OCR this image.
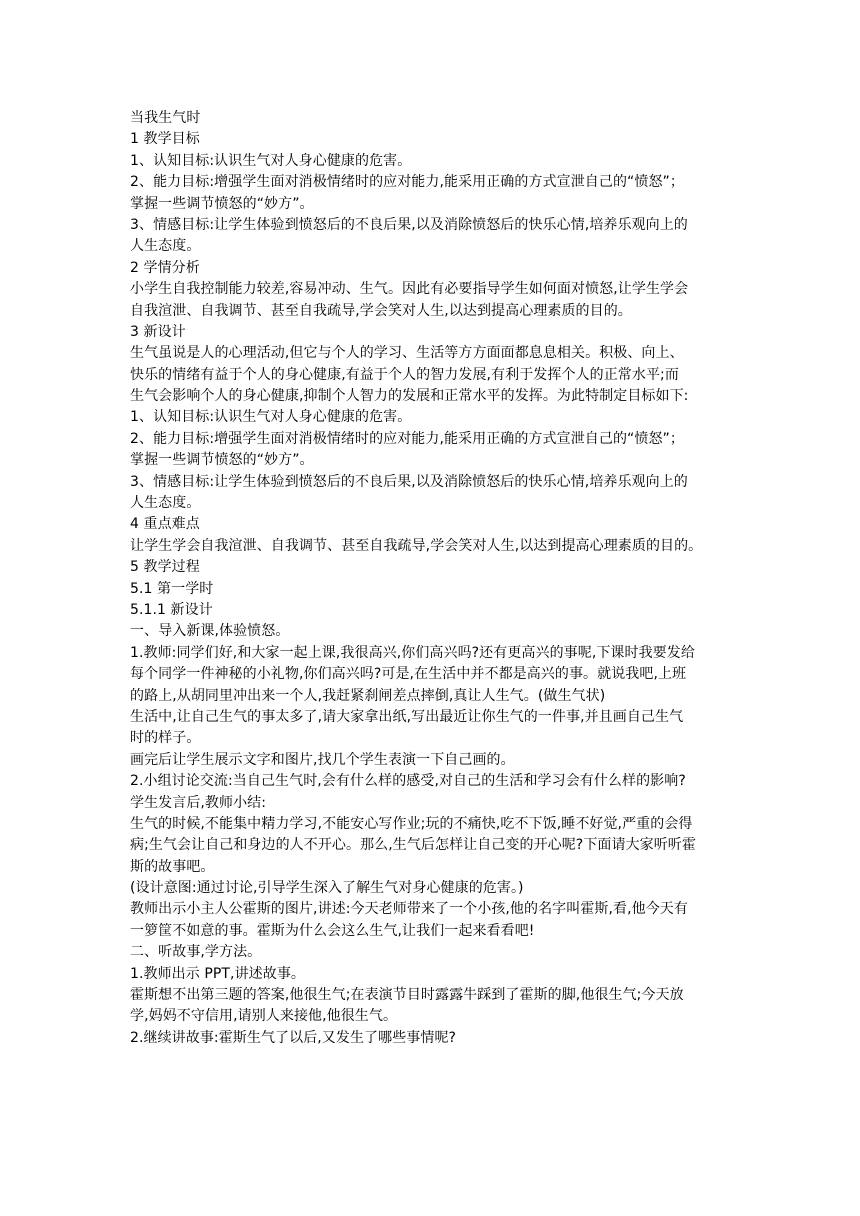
当我生气时
1 教学目标
1、认知目标:认识生气对人身心健康的危害。
2、能力目标:增强学生面对消极情绪时的应对能力,能采用正确的方式宣泄自己的“愤怒”；
掌握一些调节愤怒的“妙方”。
3、情感目标:让学生体验到愤怒后的不良后果,以及消除愤怒后的快乐心情,培养乐观向上的
人生态度。
2 学情分析
小学生自我控制能力较差,容易冲动、生气。因此有必要指导学生如何面对愤怒,让学生学会
自我渲泄、自我调节、甚至自我疏导,学会笑对人生,以达到提高心理素质的目的。
3 新设计
生气虽说是人的心理活动,但它与个人的学习、生活等方方面面都息息相关。积极、向上、
快乐的情绪有益于个人的身心健康,有益于个人的智力发展,有利于发挥个人的正常水平;而
生气会影响个人的身心健康,抑制个人智力的发展和正常水平的发挥。为此特制定目标如下:
1、认知目标:认识生气对人身心健康的危害。
2、能力目标:增强学生面对消极情绪时的应对能力,能采用正确的方式宣泄自己的“愤怒”；
掌握一些调节愤怒的“妙方”。
3、情感目标:让学生体验到愤怒后的不良后果,以及消除愤怒后的快乐心情,培养乐观向上的
人生态度。
4 重点难点
让学生学会自我渲泄、自我调节、甚至自我疏导,学会笑对人生,以达到提高心理素质的目的。
5 教学过程
5.1 第一学时
5.1.1 新设计
一、导入新课,体验愤怒。
1.教师:同学们好,和大家一起上课,我很高兴,你们高兴吗?还有更高兴的事呢,下课时我要发给
每个同学一件神秘的小礼物,你们高兴吗?可是,在生活中并不都是高兴的事。就说我吧,上班
的路上,从胡同里冲出来一个人,我赶紧刹闸差点摔倒,真让人生气。(做生气状)
生活中,让自己生气的事太多了,请大家拿出纸,写出最近让你生气的一件事,并且画自己生气
时的样子。
画完后让学生展示文字和图片,找几个学生表演一下自己画的。
2.小组讨论交流:当自己生气时,会有什么样的感受,对自己的生活和学习会有什么样的影响?
学生发言后,教师小结:
生气的时候,不能集中精力学习,不能安心写作业;玩的不痛快,吃不下饭,睡不好觉,严重的会得
病;生气会让自己和身边的人不开心。那么,生气后怎样让自己变的开心呢?下面请大家听听霍
斯的故事吧。
(设计意图:通过讨论,引导学生深入了解生气对身心健康的危害。)
教师出示小主人公霍斯的图片,讲述:今天老师带来了一个小孩,他的名字叫霍斯,看,他今天有
一箩筐不如意的事。霍斯为什么会这么生气,让我们一起来看看吧!
二、听故事,学方法。
1.教师出示 PPT,讲述故事。
霍斯想不出第三题的答案,他很生气;在表演节目时露露牛踩到了霍斯的脚,他很生气;今天放
学,妈妈不守信用,请别人来接他,他很生气。
2.继续讲故事:霍斯生气了以后,又发生了哪些事情呢?
